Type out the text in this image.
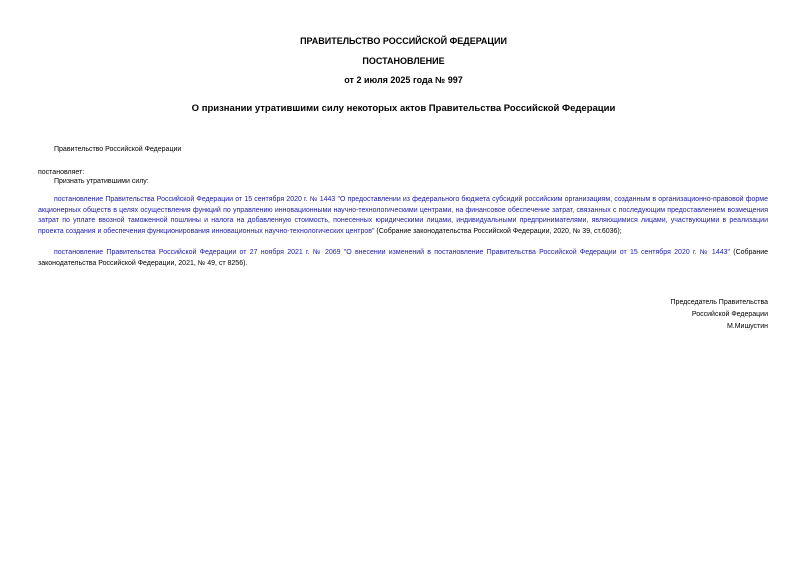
ПРАВИТЕЛЬСТВО РОССИЙСКОЙ ФЕДЕРАЦИИ
ПОСТАНОВЛЕНИЕ
от 2 июля 2025 года № 997
О признании утратившими силу некоторых актов Правительства Российской Федерации
Правительство Российской Федерации
постановляет:
Признать утратившими силу:
постановление Правительства Российской Федерации от 15 сентября 2020 г. № 1443 "О предоставлении из федерального бюджета субсидий российским организациям, созданным в организационно-правовой форме акционерных обществ в целях осуществления функций по управлению инновационными научно-технологическими центрами, на финансовое обеспечение затрат, связанных с последующим предоставлением возмещения затрат по уплате ввозной таможенной пошлины и налога на добавленную стоимость, понесенных юридическими лицами, индивидуальными предпринимателями, являющимися лицами, участвующими в реализации проекта создания и обеспечения функционирования инновационных научно-технологических центров" (Собрание законодательства Российской Федерации, 2020, № 39, ст.6036);
постановление Правительства Российской Федерации от 27 ноября 2021 г. № 2069 "О внесении изменений в постановление Правительства Российской Федерации от 15 сентября 2020 г. № 1443" (Собрание законодательства Российской Федерации, 2021, № 49, ст 8256).
Председатель Правительства
Российской Федерации
М.Мишустин
